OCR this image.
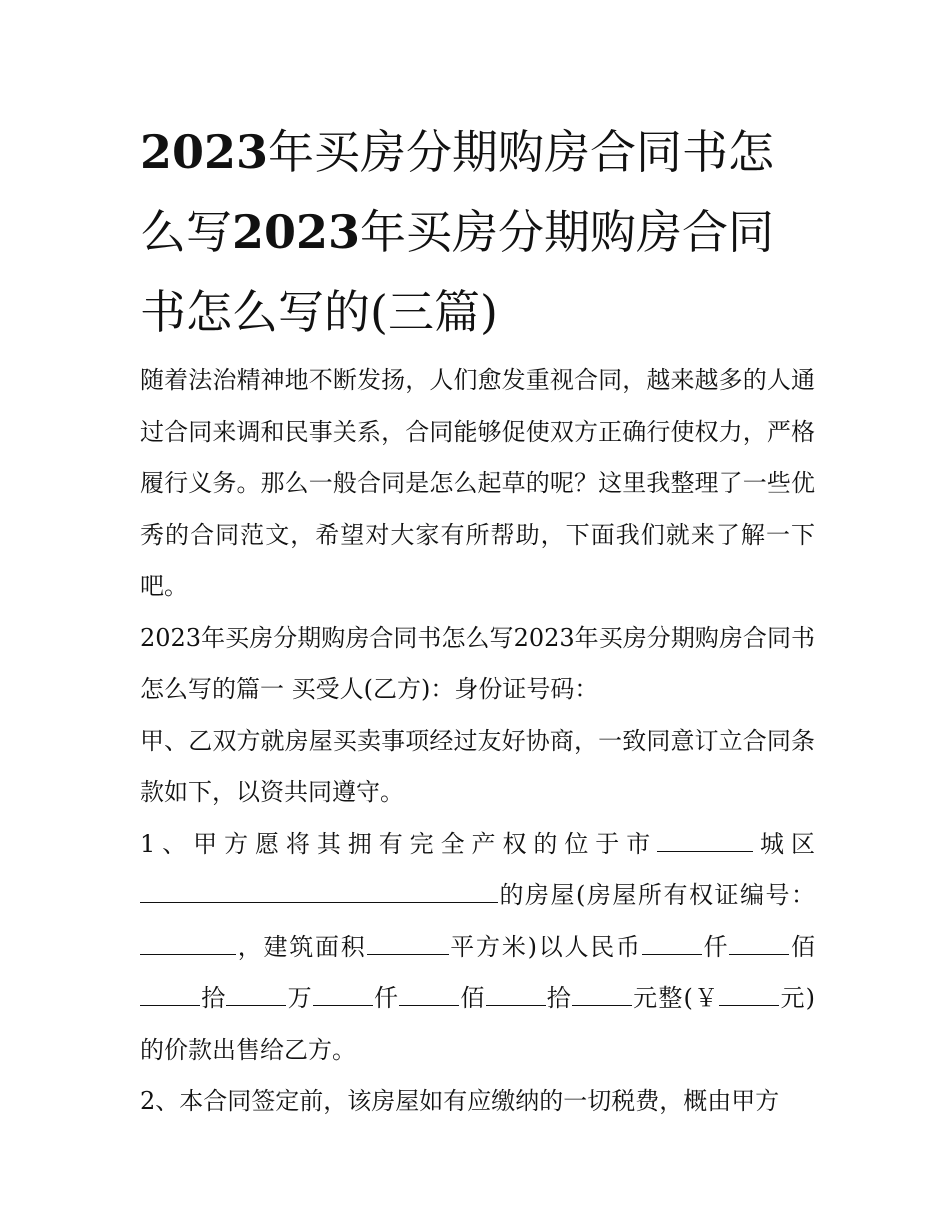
2023年买房分期购房合同书怎么写2023年买房分期购房合同书怎么写的(三篇)

随着法治精神地不断发扬，人们愈发重视合同，越来越多的人通过合同来调和民事关系，合同能够促使双方正确行使权力，严格履行义务。那么一般合同是怎么起草的呢？这里我整理了一些优秀的合同范文，希望对大家有所帮助，下面我们就来了解一下吧。

2023年买房分期购房合同书怎么写2023年买房分期购房合同书怎么写的篇一 买受人(乙方)：身份证号码：

甲、乙双方就房屋买卖事项经过友好协商，一致同意订立合同条款如下，以资共同遵守。

1、甲方愿将其拥有完全产权的位于市	城区的房屋(房屋所有权证编号：，建筑面积	平方米)以人民币	仟	佰拾	万	仟	佰	拾	元整(￥	元)的价款出售给乙方。

2、本合同签定前，该房屋如有应缴纳的一切税费，概由甲方
